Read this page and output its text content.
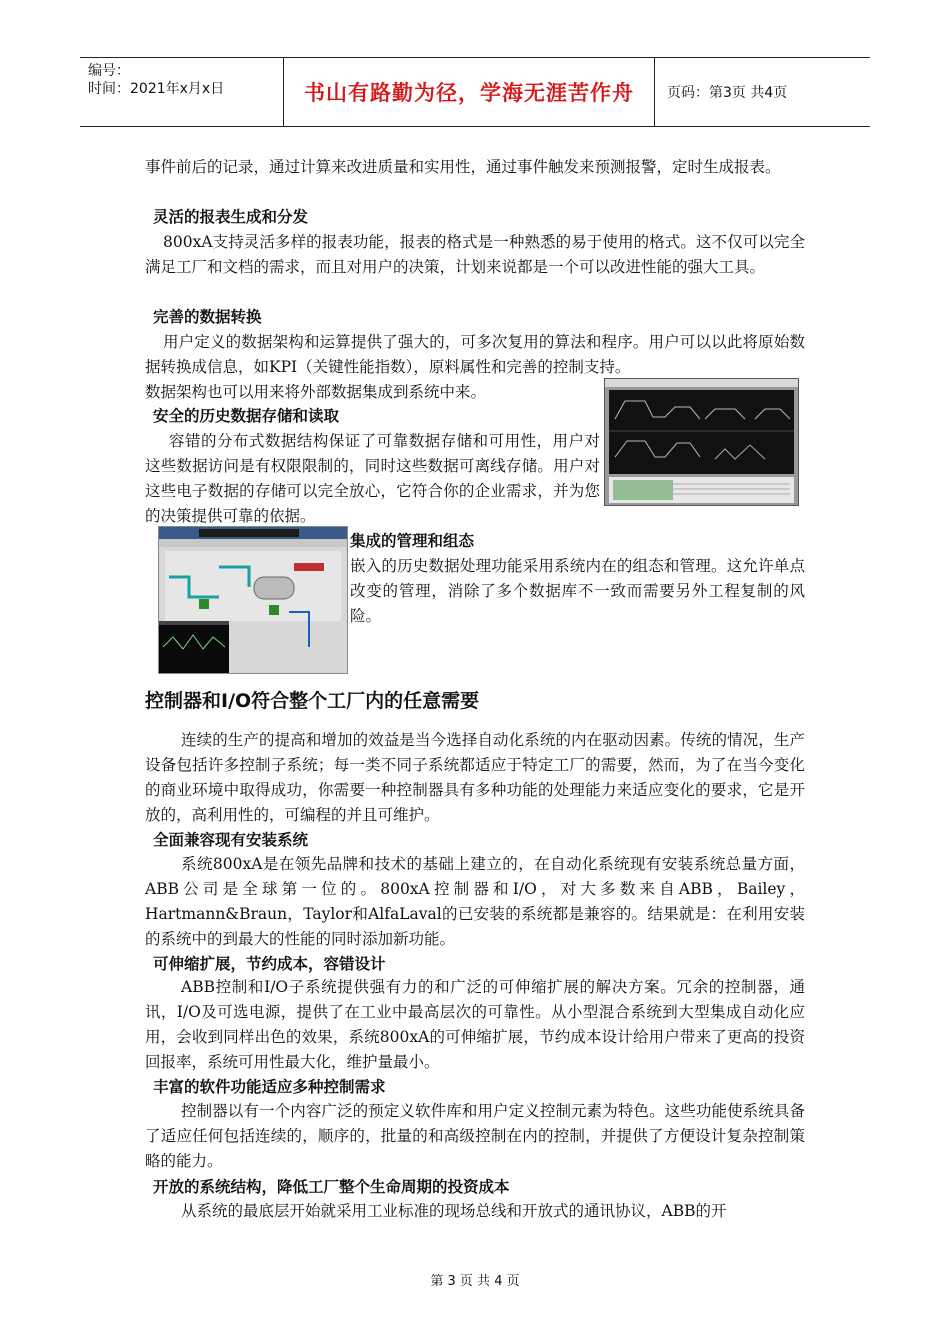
编号：
时间：2021年x月x日	书山有路勤为径，学海无涯苦作舟	页码：第3页 共4页

事件前后的记录，通过计算来改进质量和实用性，通过事件触发来预测报警，定时生成报表。

灵活的报表生成和分发

800xA支持灵活多样的报表功能，报表的格式是一种熟悉的易于使用的格式。这不仅可以完全满足工厂和文档的需求，而且对用户的决策，计划来说都是一个可以改进性能的强大工具。

完善的数据转换

用户定义的数据架构和运算提供了强大的，可多次复用的算法和程序。用户可以以此将原始数据转换成信息，如KPI（关键性能指数），原料属性和完善的控制支持。

数据架构也可以用来将外部数据集成到系统中来。

安全的历史数据存储和读取

容错的分布式数据结构保证了可靠数据存储和可用性，用户对这些数据访问是有权限限制的，同时这些数据可离线存储。用户对这些电子数据的存储可以完全放心，它符合你的企业需求，并为您的决策提供可靠的依据。

集成的管理和组态

嵌入的历史数据处理功能采用系统内在的组态和管理。这允许单点改变的管理，消除了多个数据库不一致而需要另外工程复制的风险。

控制器和I/O符合整个工厂内的任意需要

连续的生产的提高和增加的效益是当今选择自动化系统的内在驱动因素。传统的情况，生产设备包括许多控制子系统；每一类不同子系统都适应于特定工厂的需要，然而，为了在当今变化的商业环境中取得成功，你需要一种控制器具有多种功能的处理能力来适应变化的要求，它是开放的，高利用性的，可编程的并且可维护。

全面兼容现有安装系统

系统800xA是在领先品牌和技术的基础上建立的，在自动化系统现有安装系统总量方面，ABB公司是全球第一位的。800xA控制器和I/O，对大多数来自ABB，Bailey，Hartmann&Braun，Taylor和AlfaLaval的已安装的系统都是兼容的。结果就是：在利用安装的系统中的到最大的性能的同时添加新功能。

可伸缩扩展，节约成本，容错设计

ABB控制和I/O子系统提供强有力的和广泛的可伸缩扩展的解决方案。冗余的控制器，通讯，I/O及可选电源，提供了在工业中最高层次的可靠性。从小型混合系统到大型集成自动化应用，会收到同样出色的效果，系统800xA的可伸缩扩展，节约成本设计给用户带来了更高的投资回报率，系统可用性最大化，维护量最小。

丰富的软件功能适应多种控制需求

控制器以有一个内容广泛的预定义软件库和用户定义控制元素为特色。这些功能使系统具备了适应任何包括连续的，顺序的，批量的和高级控制在内的控制，并提供了方便设计复杂控制策略的能力。

开放的系统结构，降低工厂整个生命周期的投资成本

从系统的最底层开始就采用工业标准的现场总线和开放式的通讯协议，ABB的开

第 3 页 共 4 页
